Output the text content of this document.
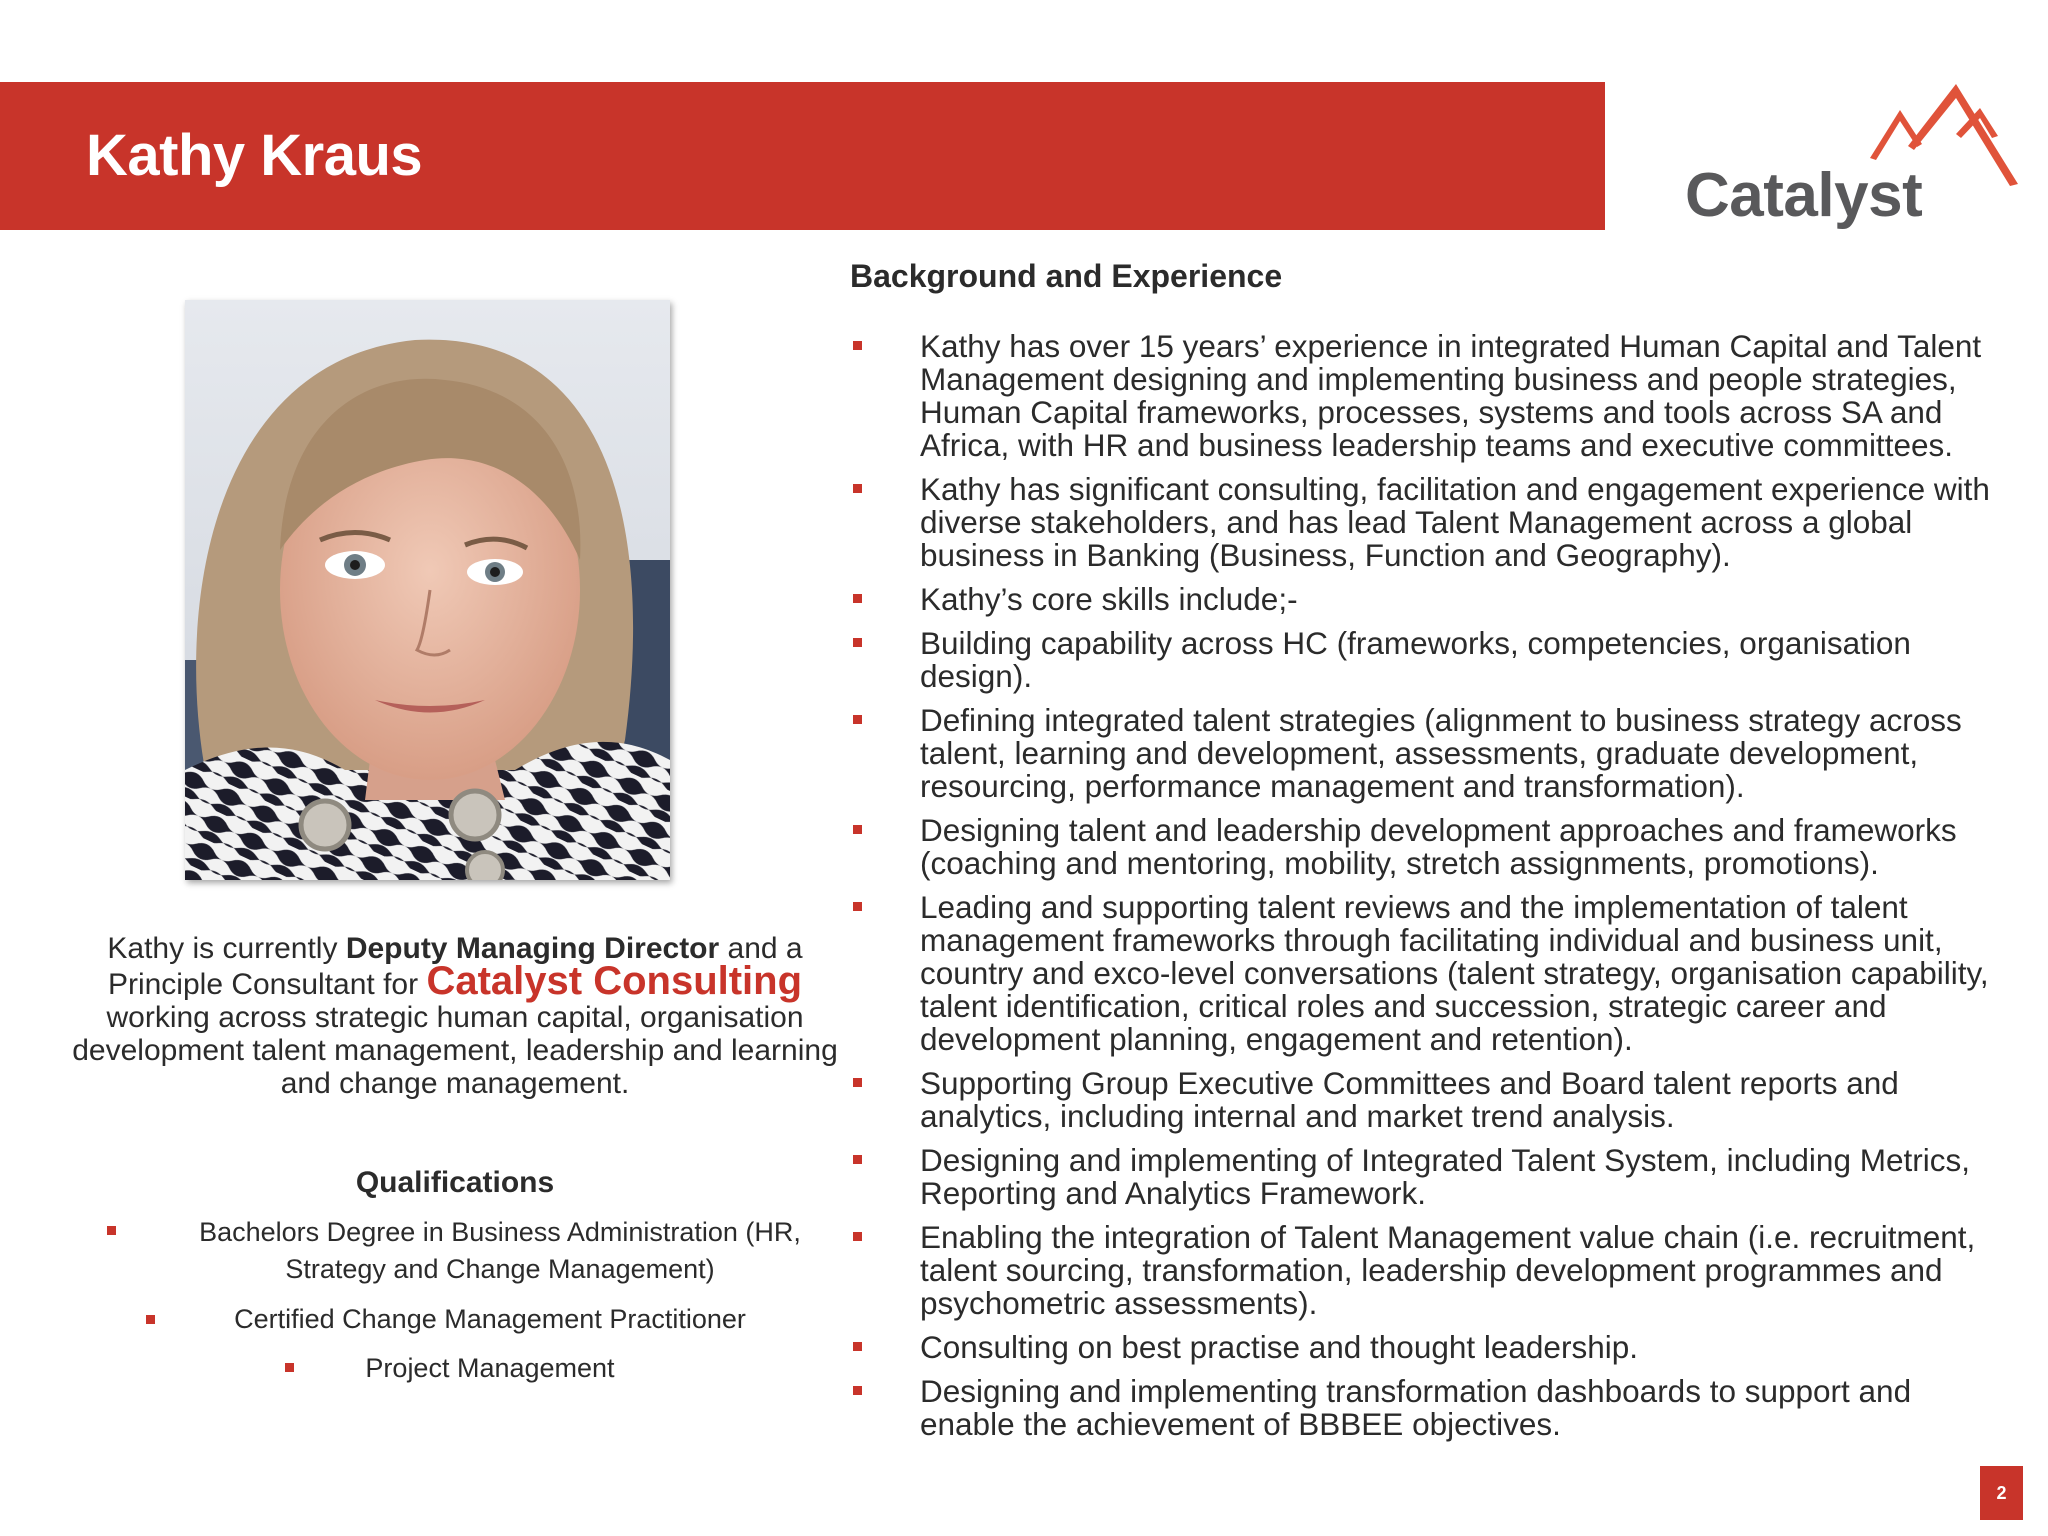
Kathy Kraus
Catalyst
Kathy is currently Deputy Managing Director and a Principle Consultant for Catalyst Consulting
working across strategic human capital, organisation development talent management, leadership and learning and change management.
Qualifications
Bachelors Degree in Business Administration (HR, Strategy and Change Management)
Certified Change Management Practitioner
Project Management
Background and Experience
Kathy has over 15 years’ experience in integrated Human Capital and Talent Management designing and implementing business and people strategies, Human Capital frameworks, processes, systems and tools across SA and Africa, with HR and business leadership teams and executive committees.
Kathy has significant consulting, facilitation and engagement experience with diverse stakeholders, and has lead Talent Management across a global business in Banking (Business, Function and Geography).
Kathy’s core skills include;-
Building capability across HC (frameworks, competencies, organisation design).
Defining integrated talent strategies (alignment to business strategy across talent, learning and development, assessments, graduate development, resourcing, performance management and transformation).
Designing talent and leadership development approaches and frameworks (coaching and mentoring, mobility, stretch assignments, promotions).
Leading and supporting talent reviews and the implementation of talent management frameworks through facilitating individual and business unit, country and exco-level conversations (talent strategy, organisation capability, talent identification, critical roles and succession, strategic career and development planning, engagement and retention).
Supporting Group Executive Committees and Board talent reports and analytics, including internal and market trend analysis.
Designing and implementing of Integrated Talent System, including Metrics, Reporting and Analytics Framework.
Enabling the integration of Talent Management value chain (i.e. recruitment, talent sourcing, transformation, leadership development programmes and psychometric assessments).
Consulting on best practise and thought leadership.
Designing and implementing transformation dashboards to support and enable the achievement of BBBEE objectives.
2
